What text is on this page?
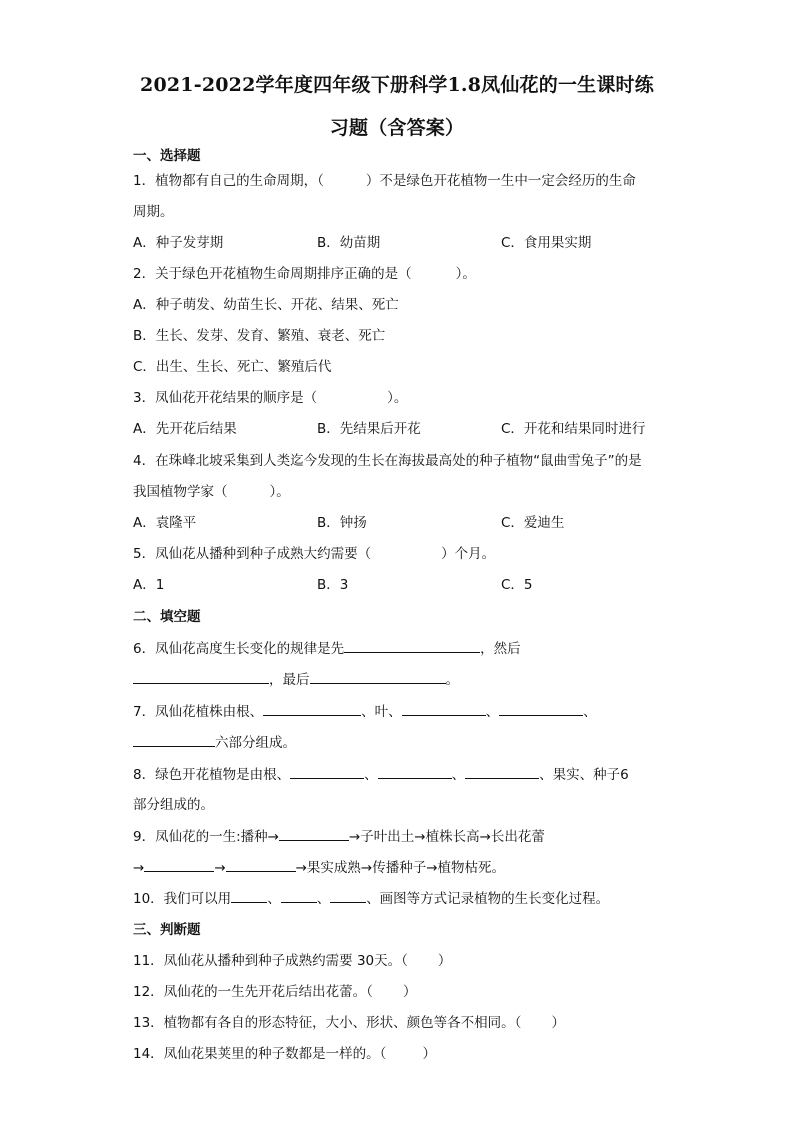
2021-2022学年度四年级下册科学1.8凤仙花的一生课时练
习题（含答案）
一、选择题
1．植物都有自己的生命周期，（	）不是绿色开花植物一生中一定会经历的生命
周期。
A．种子发芽期	B．幼苗期	C．食用果实期
2．关于绿色开花植物生命周期排序正确的是（	）。
A．种子萌发、幼苗生长、开花、结果、死亡
B．生长、发芽、发育、繁殖、衰老、死亡
C．出生、生长、死亡、繁殖后代
3．凤仙花开花结果的顺序是（	）。
A．先开花后结果	B．先结果后开花	C．开花和结果同时进行
4．在珠峰北坡采集到人类迄今发现的生长在海拔最高处的种子植物“鼠曲雪兔子”的是
我国植物学家（	）。
A．袁隆平	B．钟扬	C．爱迪生
5．凤仙花从播种到种子成熟大约需要（	）个月。
A．1	B．3	C．5
二、填空题
6．凤仙花高度生长变化的规律是先	，然后
，最后	。
7．凤仙花植株由根、	、叶、	、	、
六部分组成。
8．绿色开花植物是由根、	、	、	、果实、种子6
部分组成的。
9．凤仙花的一生:播种→	→子叶出土→植株长高→长出花蕾
→	→	→果实成熟→传播种子→植物枯死。
10．我们可以用	、	、	、画图等方式记录植物的生长变化过程。
三、判断题
11．凤仙花从播种到种子成熟约需要 30天。（ ）
12．凤仙花的一生先开花后结出花蕾。（ ）
13．植物都有各自的形态特征，大小、形状、颜色等各不相同。（ ）
14．凤仙花果荚里的种子数都是一样的。（	）
